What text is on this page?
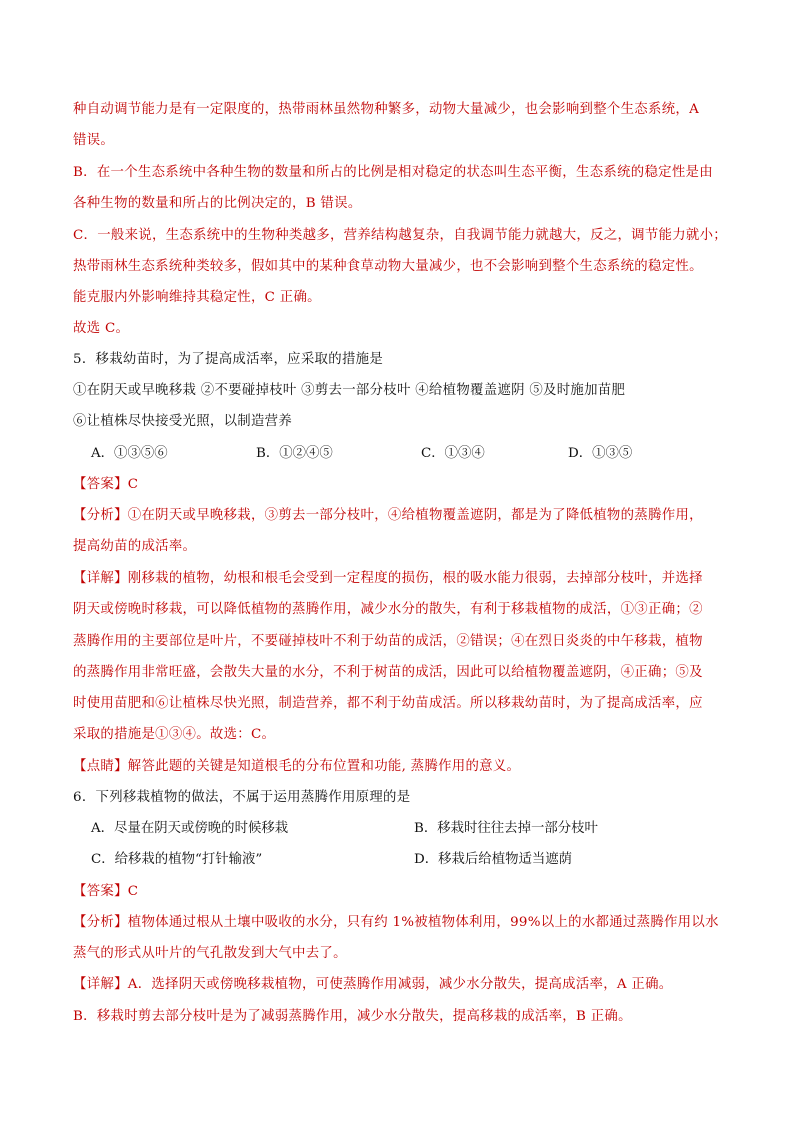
种自动调节能力是有一定限度的，热带雨林虽然物种繁多，动物大量减少，也会影响到整个生态系统，A

错误。

B．在一个生态系统中各种生物的数量和所占的比例是相对稳定的状态叫生态平衡，生态系统的稳定性是由

各种生物的数量和所占的比例决定的，B 错误。

C．一般来说，生态系统中的生物种类越多，营养结构越复杂，自我调节能力就越大，反之，调节能力就小；

热带雨林生态系统种类较多，假如其中的某种食草动物大量减少，也不会影响到整个生态系统的稳定性。

能克服内外影响维持其稳定性，C 正确。

故选 C。

5．移栽幼苗时，为了提高成活率，应采取的措施是

①在阴天或早晚移栽 ②不要碰掉枝叶 ③剪去一部分枝叶 ④给植物覆盖遮阴 ⑤及时施加苗肥

⑥让植株尽快接受光照，以制造营养

A．①③⑤⑥	B．①②④⑤	C．①③④	D．①③⑤

【答案】C

【分析】①在阴天或早晚移栽，③剪去一部分枝叶，④给植物覆盖遮阴，都是为了降低植物的蒸腾作用，

提高幼苗的成活率。

【详解】刚移栽的植物，幼根和根毛会受到一定程度的损伤，根的吸水能力很弱，去掉部分枝叶，并选择

阴天或傍晚时移栽，可以降低植物的蒸腾作用，减少水分的散失，有利于移栽植物的成活，①③正确；②

蒸腾作用的主要部位是叶片，不要碰掉枝叶不利于幼苗的成活，②错误；④在烈日炎炎的中午移栽，植物

的蒸腾作用非常旺盛，会散失大量的水分，不利于树苗的成活，因此可以给植物覆盖遮阴，④正确；⑤及

时使用苗肥和⑥让植株尽快光照，制造营养，都不利于幼苗成活。所以移栽幼苗时，为了提高成活率，应

采取的措施是①③④。故选：C。

【点睛】解答此题的关键是知道根毛的分布位置和功能, 蒸腾作用的意义。

6．下列移栽植物的做法，不属于运用蒸腾作用原理的是

A．尽量在阴天或傍晚的时候移栽	B．移栽时往往去掉一部分枝叶

C．给移栽的植物“打针输液”	D．移栽后给植物适当遮荫

【答案】C

【分析】植物体通过根从土壤中吸收的水分，只有约 1%被植物体利用，99%以上的水都通过蒸腾作用以水

蒸气的形式从叶片的气孔散发到大气中去了。

【详解】A．选择阴天或傍晚移栽植物，可使蒸腾作用减弱，减少水分散失，提高成活率，A 正确。

B．移栽时剪去部分枝叶是为了减弱蒸腾作用，减少水分散失，提高移栽的成活率，B 正确。
